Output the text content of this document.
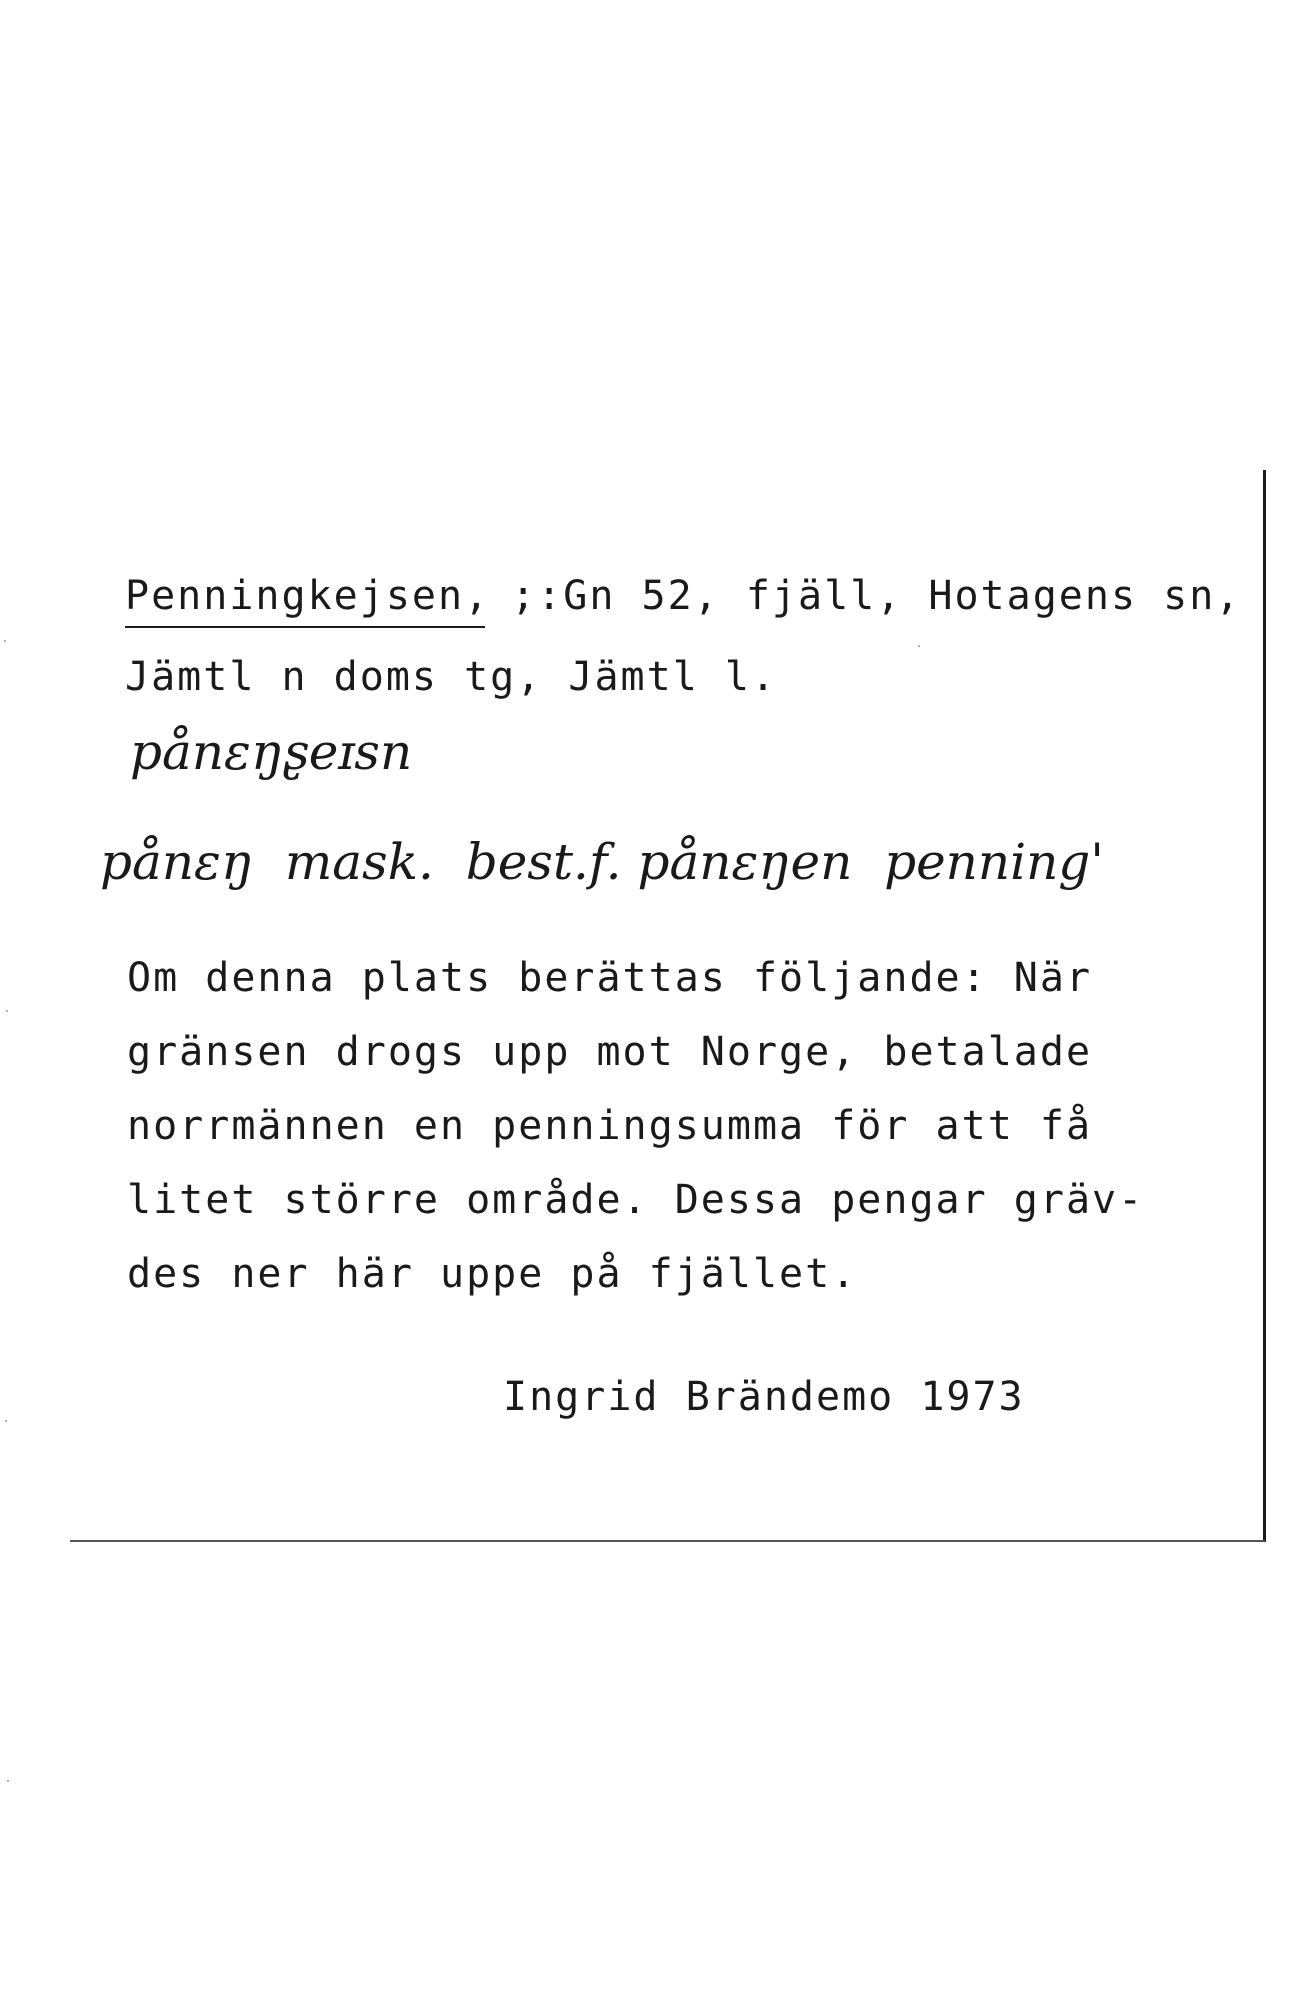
Penningkejsen,
;:Gn 52, fjäll, Hotagens sn,
Jämtl n doms tg, Jämtl l.
pånɛŋʂeɪsn
pånɛŋ  mask.  best.f. pånɛŋen  penning'
Om denna plats berättas följande: När
gränsen drogs upp mot Norge, betalade
norrmännen en penningsumma för att få
litet större område. Dessa pengar gräv-
des ner här uppe på fjället.
Ingrid Brändemo 1973
